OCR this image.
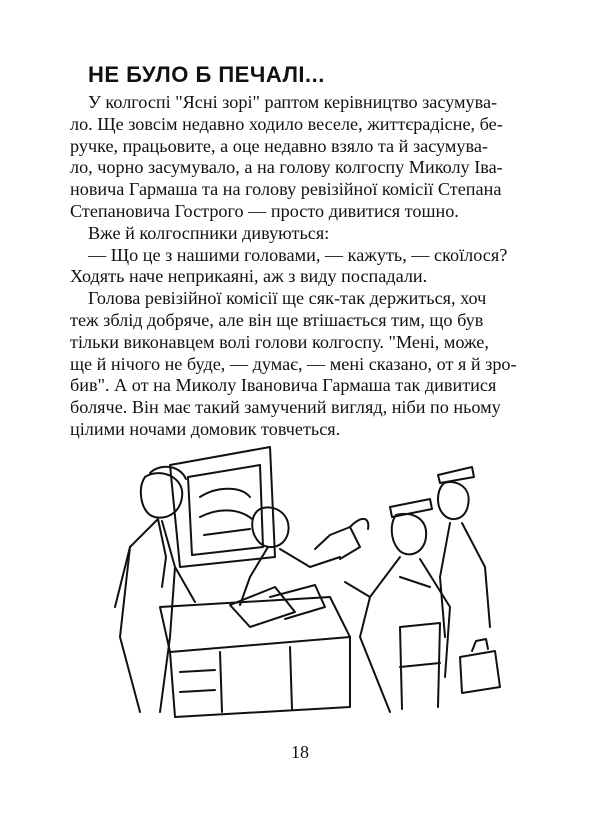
НЕ БУЛО Б ПЕЧАЛІ...
У колгоспі "Ясні зорі" раптом керівництво засумува-
ло. Ще зовсім недавно ходило веселе, життєрадісне, бе-
ручке, працьовите, а оце недавно взяло та й засумува-
ло, чорно засумувало, а на голову колгоспу Миколу Іва-
новича Гармаша та на голову ревізійної комісії Степана
Степановича Гострого — просто дивитися тошно.
Вже й колгоспники дивуються:
— Що це з нашими головами, — кажуть, — скоїлося?
Ходять наче неприкаяні, аж з виду поспадали.
Голова ревізійної комісії ще сяк-так держиться, хоч
теж зблід добряче, але він ще втішається тим, що був
тільки виконавцем волі голови колгоспу. "Мені, може,
ще й нічого не буде, — думає, — мені сказано, от я й зро-
бив". А от на Миколу Івановича Гармаша так дивитися
боляче. Він має такий замучений вигляд, ніби по ньому
цілими ночами домовик товчеться.
18
